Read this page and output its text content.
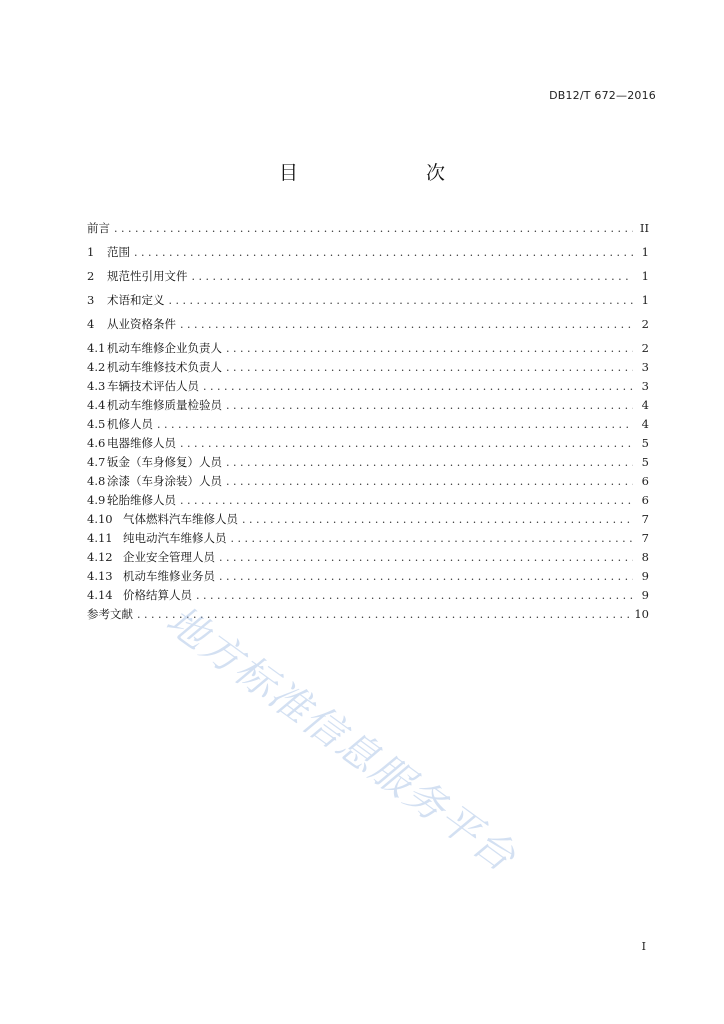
DB12/T 672—2016
目　　次
前言 . . .	II
1	范围 . . .	1
2	规范性引用文件 . . .	1
3	术语和定义 . . .	1
4	从业资格条件 . . .	2
4.1 机动车维修企业负责人 . . .	2
4.2 机动车维修技术负责人 . . .	3
4.3 车辆技术评估人员 . . .	3
4.4 机动车维修质量检验员 . . .	4
4.5 机修人员 . . .	4
4.6 电器维修人员 . . .	5
4.7 钣金（车身修复）人员 . . .	5
4.8 涂漆（车身涂装）人员 . . .	6
4.9 轮胎维修人员 . . .	6
4.10 气体燃料汽车维修人员 . . .	7
4.11 纯电动汽车维修人员 . . .	7
4.12 企业安全管理人员 . . .	8
4.13 机动车维修业务员 . . .	9
4.14 价格结算人员 . . .	9
参考文献 . . .	10
地方标准信息服务平台
I
